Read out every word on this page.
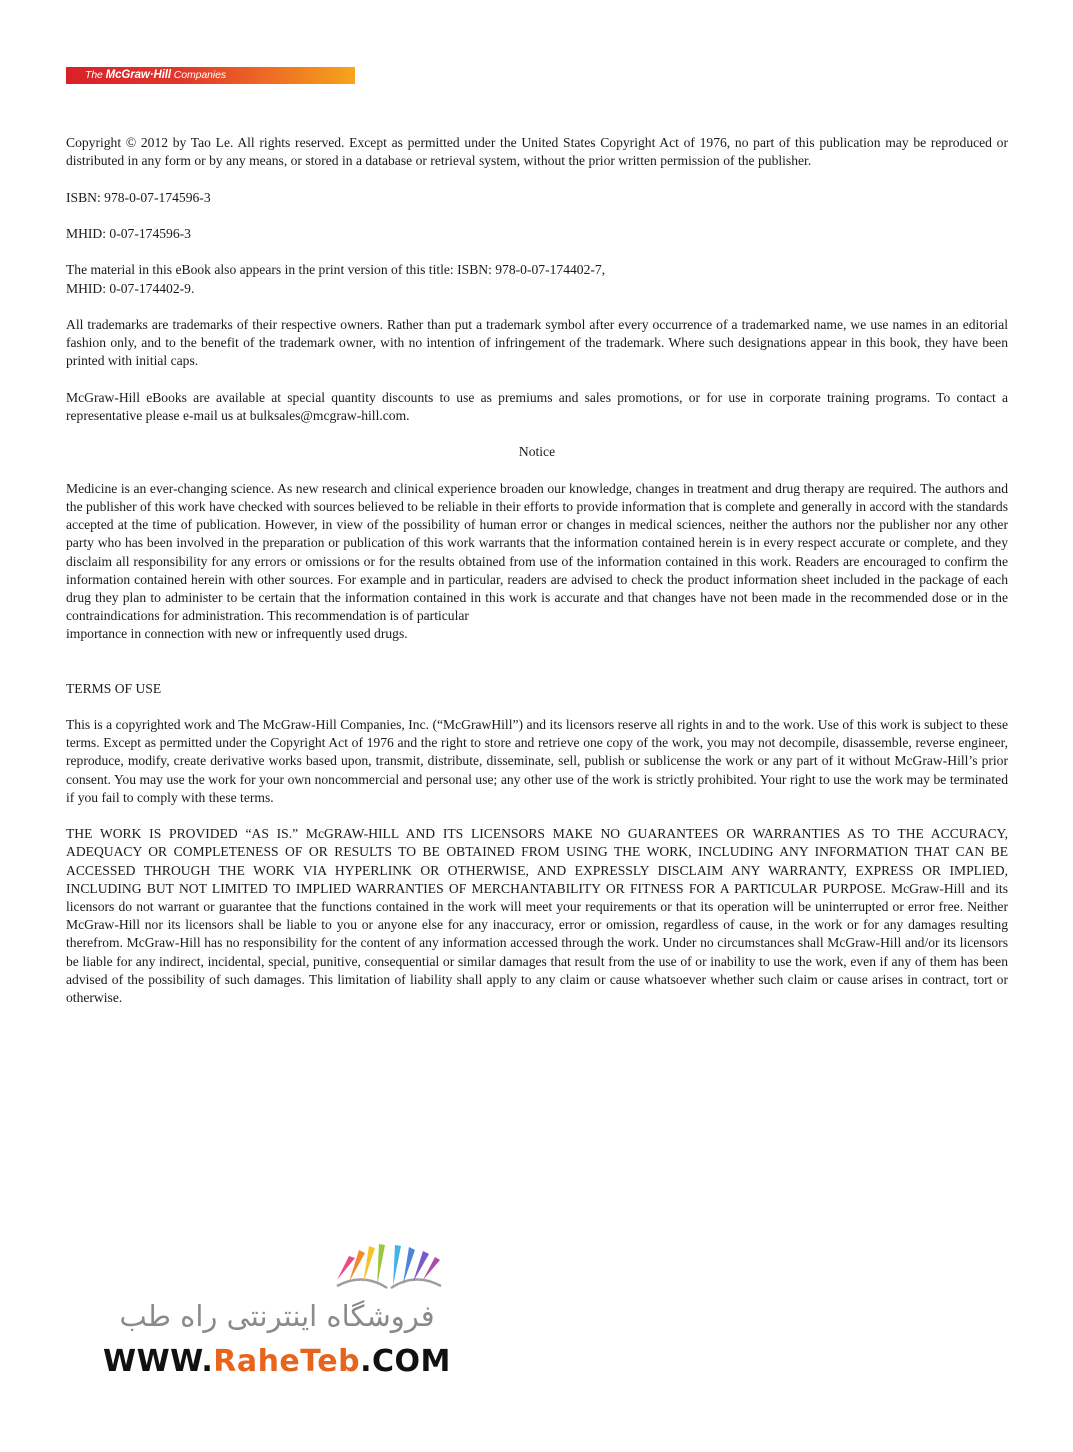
The McGraw·Hill Companies

Copyright © 2012 by Tao Le. All rights reserved. Except as permitted under the United States Copyright Act of 1976, no part of this publication may be reproduced or distributed in any form or by any means, or stored in a database or retrieval system, without the prior written permission of the publisher.

ISBN: 978-0-07-174596-3

MHID: 0-07-174596-3

The material in this eBook also appears in the print version of this title: ISBN: 978-0-07-174402-7,
MHID: 0-07-174402-9.

All trademarks are trademarks of their respective owners. Rather than put a trademark symbol after every occurrence of a trademarked name, we use names in an editorial fashion only, and to the benefit of the trademark owner, with no intention of infringement of the trademark. Where such designations appear in this book, they have been printed with initial caps.

McGraw-Hill eBooks are available at special quantity discounts to use as premiums and sales promotions, or for use in corporate training programs. To contact a representative please e-mail us at bulksales@mcgraw-hill.com.

Notice

Medicine is an ever-changing science. As new research and clinical experience broaden our knowledge, changes in treatment and drug therapy are required. The authors and the publisher of this work have checked with sources believed to be reliable in their efforts to provide information that is complete and generally in accord with the standards accepted at the time of publication. However, in view of the possibility of human error or changes in medical sciences, neither the authors nor the publisher nor any other party who has been involved in the preparation or publication of this work warrants that the information contained herein is in every respect accurate or complete, and they disclaim all responsibility for any errors or omissions or for the results obtained from use of the information contained in this work. Readers are encouraged to confirm the information contained herein with other sources. For example and in particular, readers are advised to check the product information sheet included in the package of each drug they plan to administer to be certain that the information contained in this work is accurate and that changes have not been made in the recommended dose or in the contraindications for administration. This recommendation is of particular

importance in connection with new or infrequently used drugs.

TERMS OF USE

This is a copyrighted work and The McGraw-Hill Companies, Inc. (“McGrawHill”) and its licensors reserve all rights in and to the work. Use of this work is subject to these terms. Except as permitted under the Copyright Act of 1976 and the right to store and retrieve one copy of the work, you may not decompile, disassemble, reverse engineer, reproduce, modify, create derivative works based upon, transmit, distribute, disseminate, sell, publish or sublicense the work or any part of it without McGraw-Hill’s prior consent. You may use the work for your own noncommercial and personal use; any other use of the work is strictly prohibited. Your right to use the work may be terminated if you fail to comply with these terms.

THE WORK IS PROVIDED “AS IS.” McGRAW-HILL AND ITS LICENSORS MAKE NO GUARANTEES OR WARRANTIES AS TO THE ACCURACY, ADEQUACY OR COMPLETENESS OF OR RESULTS TO BE OBTAINED FROM USING THE WORK, INCLUDING ANY INFORMATION THAT CAN BE ACCESSED THROUGH THE WORK VIA HYPERLINK OR OTHERWISE, AND EXPRESSLY DISCLAIM ANY WARRANTY, EXPRESS OR IMPLIED, INCLUDING BUT NOT LIMITED TO IMPLIED WARRANTIES OF MERCHANTABILITY OR FITNESS FOR A PARTICULAR PURPOSE. McGraw-Hill and its licensors do not warrant or guarantee that the functions contained in the work will meet your requirements or that its operation will be uninterrupted or error free. Neither McGraw-Hill nor its licensors shall be liable to you or anyone else for any inaccuracy, error or omission, regardless of cause, in the work or for any damages resulting therefrom. McGraw-Hill has no responsibility for the content of any information accessed through the work. Under no circumstances shall McGraw-Hill and/or its licensors be liable for any indirect, incidental, special, punitive, consequential or similar damages that result from the use of or inability to use the work, even if any of them has been advised of the possibility of such damages. This limitation of liability shall apply to any claim or cause whatsoever whether such claim or cause arises in contract, tort or otherwise.

فروشگاه اینترنتی راه طب
WWW.RaheTeb.COM
